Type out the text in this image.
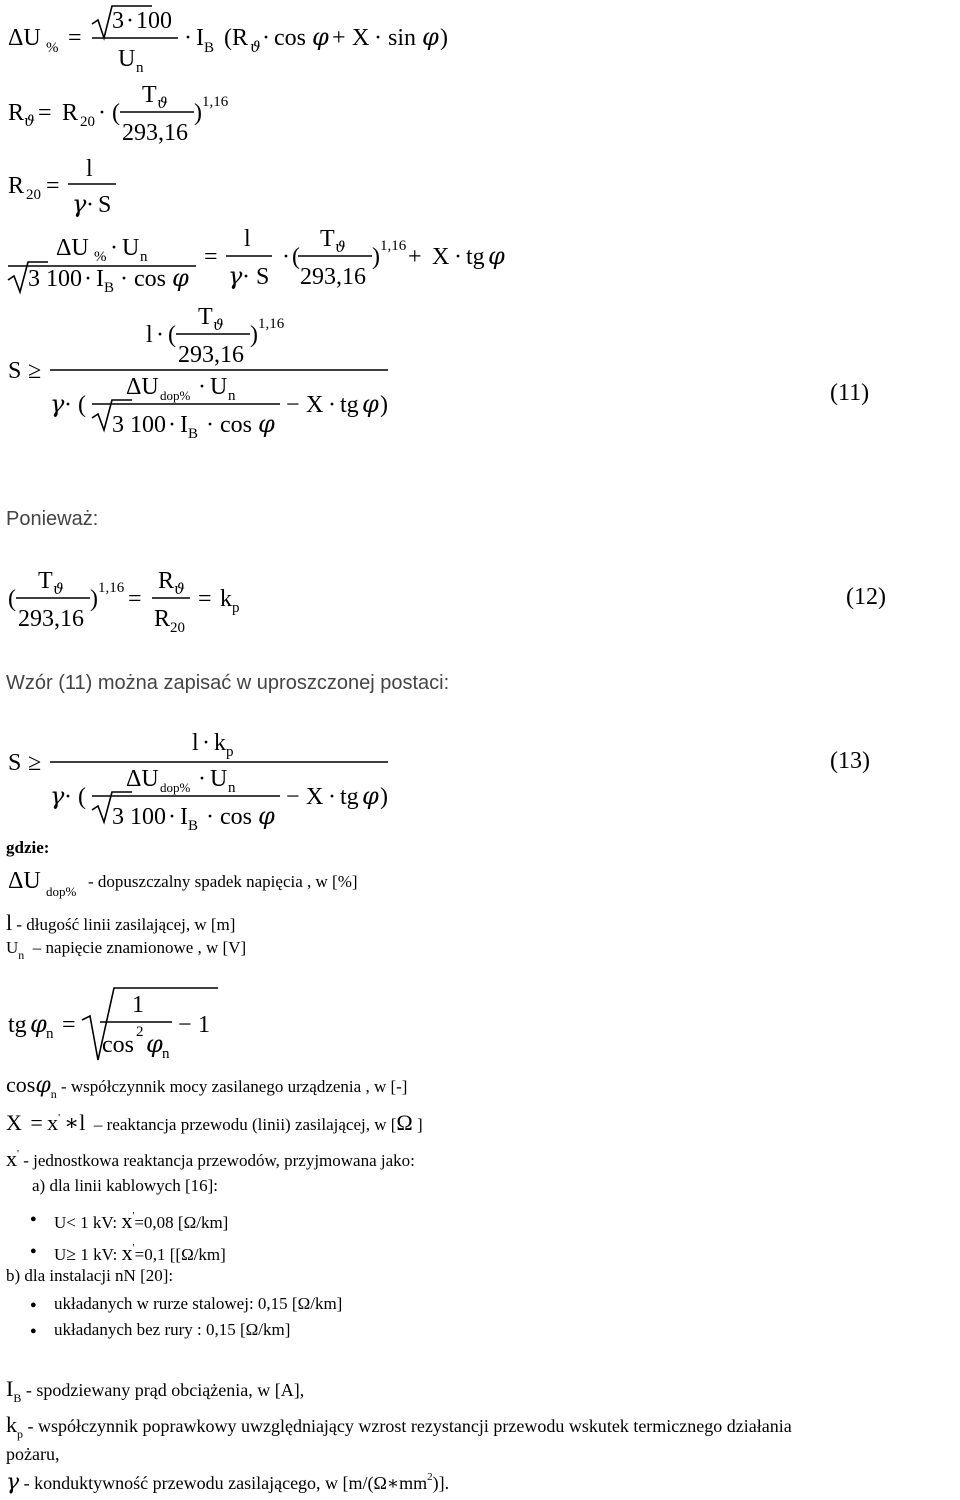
ΔU % =
3 · 100
U n
· I B (R ϑ · cos φ + X · sin φ )
R ϑ = R 20 · (
T ϑ
293,16
) 1,16
R 20 =
l
γ · S
ΔU % · U n
3 100 · I B · cos φ
=
l
γ · S
· (
T ϑ
293,16
) 1,16 + X · tg φ
S ≥
l · (
T ϑ
293,16
) 1,16
γ · (
ΔU dop% · U n
3 100 · I B · cos φ
− X · tg φ )	(11)
(
T ϑ
293,16
) 1,16 =
R ϑ
R 20
= k p	(12)
S ≥
l · k p
γ · (
ΔU dop% · U n
3 100 · I B · cos φ
− X · tg φ )
(13)
ΔU dop%
tg φ n =
1
cos 2 φ n
− 1
Ponieważ:
Wzór (11) można zapisać w uproszczonej postaci:
gdzie:
- dopuszczalny spadek napięcia , w [%]
l - długość linii zasilającej, w [m]
$U_n$  – napięcie znamionowe , w [V]
cosφ$_n$ - współczynnik mocy zasilanego urządzenia , w [-]
X = x' ∗l  – reaktancja przewodu (linii) zasilającej, w [Ω ]
x' - jednostkowa reaktancja przewodów, przyjmowana jako:
a) dla linii kablowych [16]:
● U< 1 kV: x'=0,08 [Ω/km]
● U≥ 1 kV: x'=0,1 [[Ω/km]
b) dla instalacji nN [20]:
● układanych w rurze stalowej: 0,15 [Ω/km]
● układanych bez rury : 0,15 [Ω/km]
$I_B$ - spodziewany prąd obciążenia, w [A],
$k_p$ - współczynnik poprawkowy uwzględniający wzrost rezystancji przewodu wskutek termicznego działania
pożaru,
γ - konduktywność przewodu zasilającego, w $[m/(\Omega∗mm^2)]$.
